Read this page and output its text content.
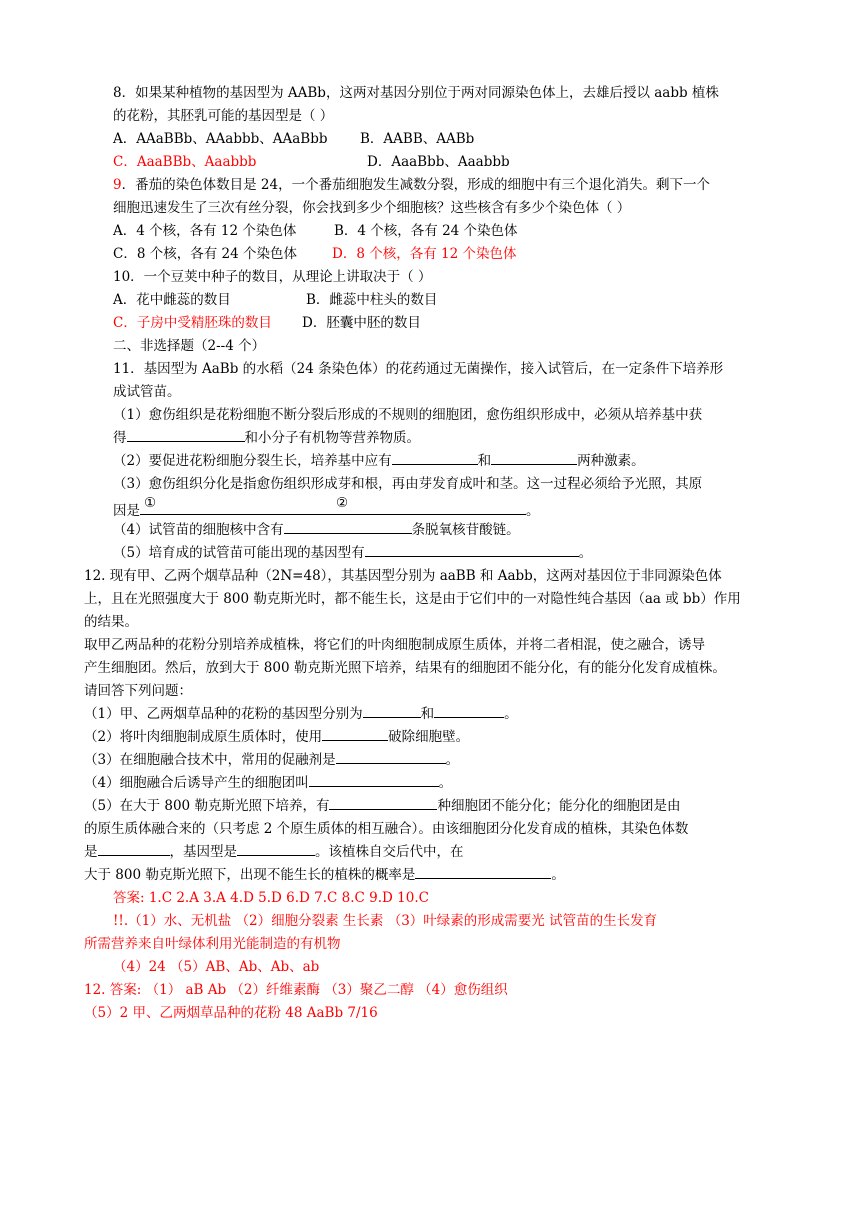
8．如果某种植物的基因型为 AABb，这两对基因分别位于两对同源染色体上，去雄后授以 aabb 植株
的花粉，其胚乳可能的基因型是（ ）
A．AAaBBb、AAabbb、AAaBbb B．AABB、AABb
C．AaaBBb、Aaabbb	D．AaaBbb、Aaabbb
9．番茄的染色体数目是 24，一个番茄细胞发生减数分裂，形成的细胞中有三个退化消失。剩下一个
细胞迅速发生了三次有丝分裂，你会找到多少个细胞核？这些核含有多少个染色体（ ）
A．4 个核，各有 12 个染色体	B．4 个核，各有 24 个染色体
C．8 个核，各有 24 个染色体	D．8 个核，各有 12 个染色体
10．一个豆荚中种子的数目，从理论上讲取决于（ ）
A．花中雌蕊的数目	B．雌蕊中柱头的数目
C．子房中受精胚珠的数目 D．胚囊中胚的数目
二、非选择题（2--4 个）
11．基因型为 AaBb 的水稻（24 条染色体）的花药通过无菌操作，接入试管后，在一定条件下培养形
成试管苗。
（1）愈伤组织是花粉细胞不断分裂后形成的不规则的细胞团，愈伤组织形成中，必须从培养基中获
得	和小分子有机物等营养物质。
（2）要促进花粉细胞分裂生长，培养基中应有	和	两种激素。
（3）愈伤组织分化是指愈伤组织形成芽和根，再由芽发育成叶和茎。这一过程必须给予光照，其原
因是 ①	②	。
（4）试管苗的细胞核中含有	条脱氧核苷酸链。
（5）培育成的试管苗可能出现的基因型有	。
12. 现有甲、乙两个烟草品种（2N=48），其基因型分别为 aaBB 和 Aabb，这两对基因位于非同源染色体
上，且在光照强度大于 800 勒克斯光时，都不能生长，这是由于它们中的一对隐性纯合基因（aa 或 bb）作用
的结果。
取甲乙两品种的花粉分别培养成植株，将它们的叶肉细胞制成原生质体，并将二者相混，使之融合，诱导
产生细胞团。然后，放到大于 800 勒克斯光照下培养，结果有的细胞团不能分化，有的能分化发育成植株。
请回答下列问题：
（1）甲、乙两烟草品种的花粉的基因型分别为	和	。
（2）将叶肉细胞制成原生质体时，使用	破除细胞壁。
（3）在细胞融合技术中，常用的促融剂是	。
（4）细胞融合后诱导产生的细胞团叫	。
（5）在大于 800 勒克斯光照下培养，有	种细胞团不能分化；能分化的细胞团是由
的原生质体融合来的（只考虑 2 个原生质体的相互融合）。由该细胞团分化发育成的植株，其染色体数
是	，基因型是	。该植株自交后代中，在
大于 800 勒克斯光照下，出现不能生长的植株的概率是	。
答案: 1.C 2.A 3.A 4.D 5.D 6.D 7.C 8.C 9.D 10.C
!!.（1）水、无机盐 （2）细胞分裂素 生长素 （3）叶绿素的形成需要光 试管苗的生长发育
所需营养来自叶绿体利用光能制造的有机物
（4）24 （5）AB、Ab、Ab、ab
12. 答案: （1） aB Ab （2）纤维素酶 （3）聚乙二醇 （4）愈伤组织
（5）2 甲、乙两烟草品种的花粉 48 AaBb 7/16
